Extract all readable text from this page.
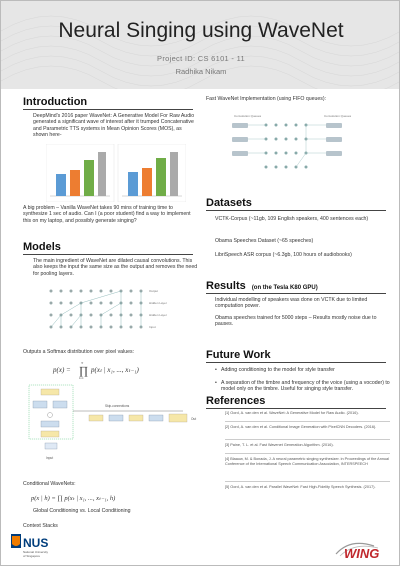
Neural Singing using WaveNet
Project ID: CS 6101 - 11
Radhika Nikam
Introduction
DeepMind's 2016 paper WaveNet: A Generative Model For Raw Audio generated a significant wave of interest after it trumped Concatenative and Parametric TTS systems in Mean Opinion Scores (MOS), as shown here-
A big problem – Vanilla WaveNet takes 90 mins of training time to synthesize 1 sec of audio. Can I (a poor student) find a way to implement this on my laptop, and possibly generate singing?
Models
The main ingredient of WaveNet are dilated causal convolutions. This also keeps the input the same size as the output and removes the need for pooling layers.
Output
Hidden Layer
Hidden Layer
Input
Outputs a Softmax distribution over pixel values:
p(x) = ∏
T
t=1
p(xₜ | x₁, ..., xₜ₋₁)
Input
Skip-connections
Out
Conditional WaveNets:
p(x | h) = ∏ p(xₜ | x₁, ..., xₜ₋₁, h)
Global Conditioning vs. Local Conditioning
Context Stacks
NUS
National University
of Singapore
Fast WaveNet Implementation (using FIFO queues):
Convolution Queues	Convolution Queues
Datasets
VCTK-Corpus (~11gb, 109 English speakers, 400 sentences each)
Obama Speeches Dataset (~65 speeches)
LibriSpeech ASR corpus (~6.3gb, 100 hours of audiobooks)
Results (on the Tesla K80 GPU)
Individual modelling of speakers was done on VCTK due to limited computation power.
Obama speeches trained for 5000 steps – Results mostly noise due to pauses.
Future Work
• Adding conditioning to the model for style transfer
• A separation of the timbre and frequency of the voice (using a vocoder) to model only on the timbre. Useful for singing style transfer.
References
[1] Oord, A. van den et al. WaveNet: A Generative Model for Raw Audio. (2016).
[2] Oord, A. van den et al. Conditional Image Generation with PixelCNN Decoders. (2016).
[3] Paine, T. L. et al. Fast Wavenet Generation Algorithm. (2016).
[4] Blaauw, M. & Bonada, J. A neural parametric singing synthesizer. in Proceedings of the Annual Conference of the International Speech Communication Association, INTERSPEECH
[5] Oord, A. van den et al. Parallel WaveNet: Fast High-Fidelity Speech Synthesis. (2017).
WING
